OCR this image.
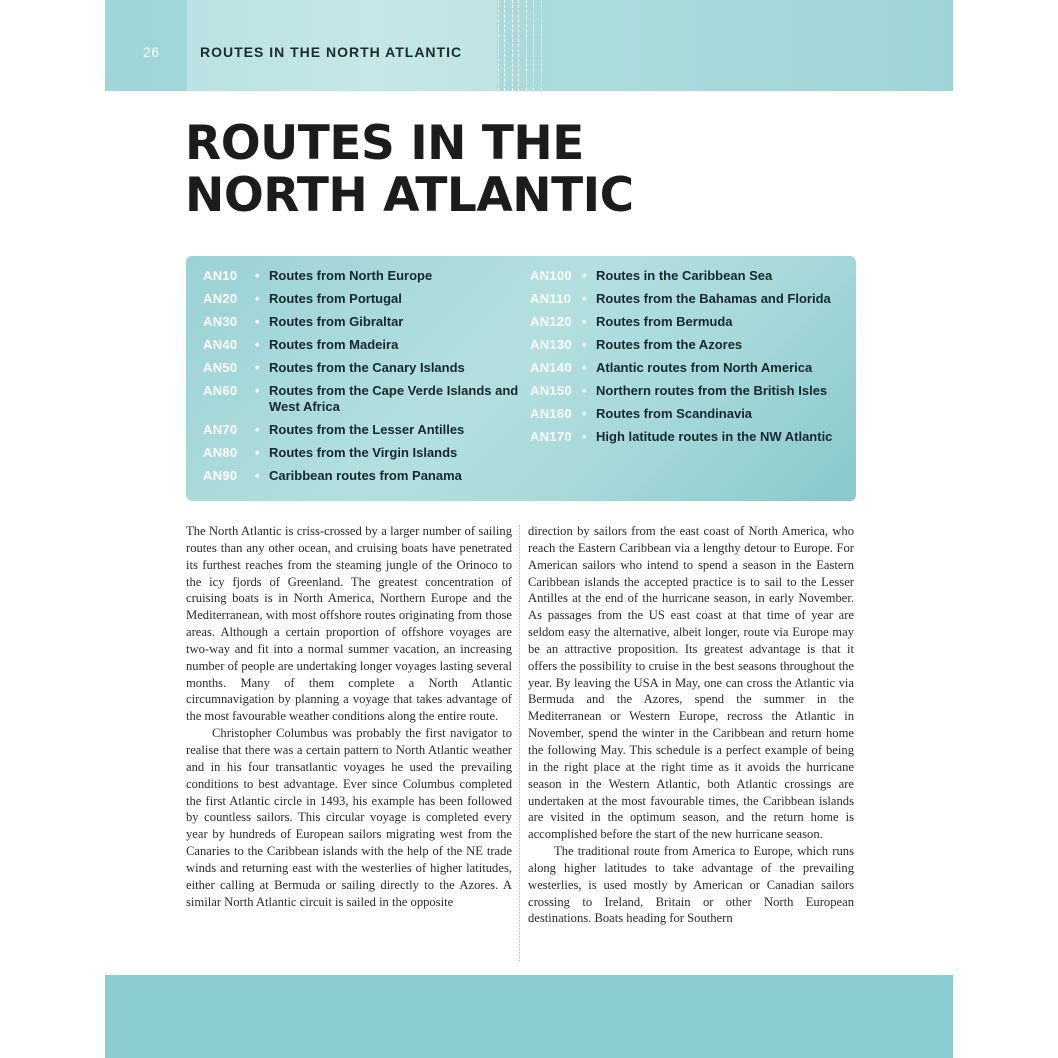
26	ROUTES IN THE NORTH ATLANTIC
ROUTES IN THE
NORTH ATLANTIC
AN10	• Routes from North Europe
AN20	• Routes from Portugal
AN30	• Routes from Gibraltar
AN40	• Routes from Madeira
AN50	• Routes from the Canary Islands
AN60	• Routes from the Cape Verde Islands and West Africa
AN70	• Routes from the Lesser Antilles
AN80	• Routes from the Virgin Islands
AN90	• Caribbean routes from Panama
AN100 • Routes in the Caribbean Sea
AN110 • Routes from the Bahamas and Florida
AN120 • Routes from Bermuda
AN130 • Routes from the Azores
AN140 • Atlantic routes from North America
AN150 • Northern routes from the British Isles
AN160 • Routes from Scandinavia
AN170 • High latitude routes in the NW Atlantic

The North Atlantic is criss-crossed by a larger number of sailing routes than any other ocean, and cruising boats have penetrated its furthest reaches from the steaming jungle of the Orinoco to the icy fjords of Greenland. The greatest concentration of cruising boats is in North America, Northern Europe and the Mediterranean, with most offshore routes originating from those areas. Although a certain proportion of offshore voyages are two-way and fit into a normal summer vacation, an increasing number of people are undertaking longer voyages lasting several months. Many of them complete a North Atlantic circumnavigation by planning a voyage that takes advantage of the most favourable weather conditions along the entire route.

Christopher Columbus was probably the first navigator to realise that there was a certain pattern to North Atlantic weather and in his four transatlantic voyages he used the prevailing conditions to best advantage. Ever since Columbus completed the first Atlantic circle in 1493, his example has been followed by countless sailors. This circular voyage is completed every year by hundreds of European sailors migrating west from the Canaries to the Caribbean islands with the help of the NE trade winds and returning east with the westerlies of higher latitudes, either calling at Bermuda or sailing directly to the Azores. A similar North Atlantic circuit is sailed in the opposite

direction by sailors from the east coast of North America, who reach the Eastern Caribbean via a lengthy detour to Europe. For American sailors who intend to spend a season in the Eastern Caribbean islands the accepted practice is to sail to the Lesser Antilles at the end of the hurricane season, in early November. As passages from the US east coast at that time of year are seldom easy the alternative, albeit longer, route via Europe may be an attractive proposition. Its greatest advantage is that it offers the possibility to cruise in the best seasons throughout the year. By leaving the USA in May, one can cross the Atlantic via Bermuda and the Azores, spend the summer in the Mediterranean or Western Europe, recross the Atlantic in November, spend the winter in the Caribbean and return home the following May. This schedule is a perfect example of being in the right place at the right time as it avoids the hurricane season in the Western Atlantic, both Atlantic crossings are undertaken at the most favourable times, the Caribbean islands are visited in the optimum season, and the return home is accomplished before the start of the new hurricane season.

The traditional route from America to Europe, which runs along higher latitudes to take advantage of the prevailing westerlies, is used mostly by American or Canadian sailors crossing to Ireland, Britain or other North European destinations. Boats heading for Southern
